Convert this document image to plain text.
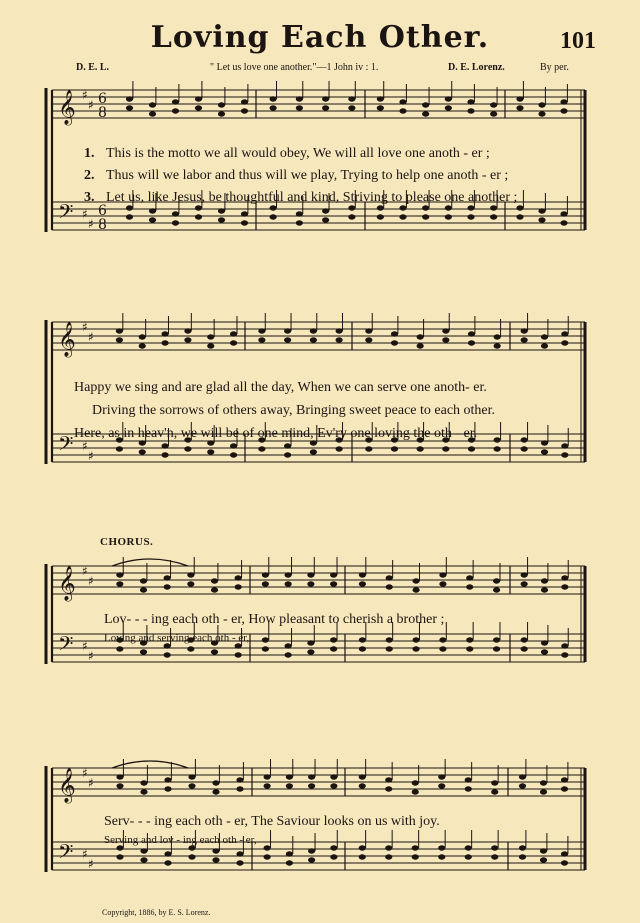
Loving Each Other.	101
D. E. L.	" Let us love one another."—1 John iv : 1.	D. E. Lorenz.	By per.
𝄞
𝄢
♯
♯
♯
♯
6
8
6
8
𝄞
𝄢
♯
♯
♯
♯
𝄞
𝄢
♯
♯
♯
♯
𝄞
𝄢
♯
♯
♯
♯
1. This is the motto we all would obey, We will all love one anoth - er ;
2. Thus will we labor and thus will we play, Trying to help one anoth - er ;
3. Let us, like Jesus, be thoughtful and kind, Striving to please one another ;
Happy we sing and are glad all the day, When we can serve one anoth- er.
Driving the sorrows of others away, Bringing sweet peace to each other.
Here, as in heav'n, we will be of one mind, Ev'ry one loving the oth - er.
CHORUS.
Lov- - - ing each oth - er, How pleasant to cherish a brother ;
Loving and serving each oth - er,
Serv- - - ing each oth - er, The Saviour looks on us with joy.
Serving and lov - ing each oth - er,
Copyright, 1886, by E. S. Lorenz.
